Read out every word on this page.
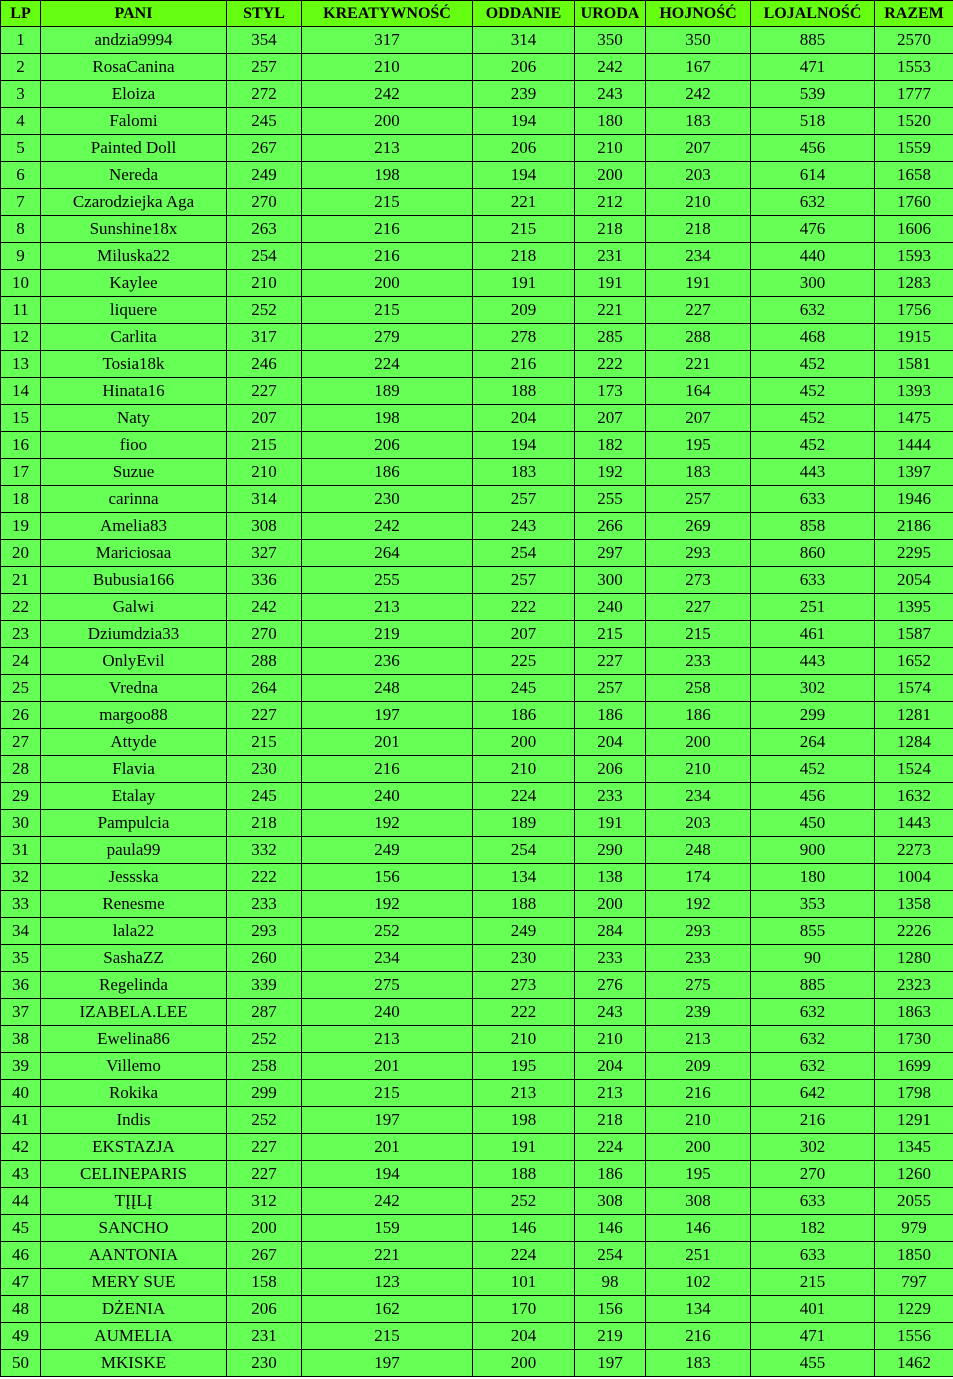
LP	PANI	STYL	KREATYWNOŚĆ	ODDANIE	URODA	HOJNOŚĆ	LOJALNOŚĆ	RAZEM
1	andzia9994	354	317	314	350	350	885	2570
2	RosaCanina	257	210	206	242	167	471	1553
3	Eloiza	272	242	239	243	242	539	1777
4	Falomi	245	200	194	180	183	518	1520
5	Painted Doll	267	213	206	210	207	456	1559
6	Nereda	249	198	194	200	203	614	1658
7	Czarodziejka Aga	270	215	221	212	210	632	1760
8	Sunshine18x	263	216	215	218	218	476	1606
9	Miluska22	254	216	218	231	234	440	1593
10	Kaylee	210	200	191	191	191	300	1283
11	liquere	252	215	209	221	227	632	1756
12	Carlita	317	279	278	285	288	468	1915
13	Tosia18k	246	224	216	222	221	452	1581
14	Hinata16	227	189	188	173	164	452	1393
15	Naty	207	198	204	207	207	452	1475
16	fioo	215	206	194	182	195	452	1444
17	Suzue	210	186	183	192	183	443	1397
18	carinna	314	230	257	255	257	633	1946
19	Amelia83	308	242	243	266	269	858	2186
20	Mariciosaa	327	264	254	297	293	860	2295
21	Bubusia166	336	255	257	300	273	633	2054
22	Galwi	242	213	222	240	227	251	1395
23	Dziumdzia33	270	219	207	215	215	461	1587
24	OnlyEvil	288	236	225	227	233	443	1652
25	Vredna	264	248	245	257	258	302	1574
26	margoo88	227	197	186	186	186	299	1281
27	Attyde	215	201	200	204	200	264	1284
28	Flavia	230	216	210	206	210	452	1524
29	Etalay	245	240	224	233	234	456	1632
30	Pampulcia	218	192	189	191	203	450	1443
31	paula99	332	249	254	290	248	900	2273
32	Jessska	222	156	134	138	174	180	1004
33	Renesme	233	192	188	200	192	353	1358
34	lala22	293	252	249	284	293	855	2226
35	SashaZZ	260	234	230	233	233	90	1280
36	Regelinda	339	275	273	276	275	885	2323
37	IZABELA.LEE	287	240	222	243	239	632	1863
38	Ewelina86	252	213	210	210	213	632	1730
39	Villemo	258	201	195	204	209	632	1699
40	Rokika	299	215	213	213	216	642	1798
41	Indis	252	197	198	218	210	216	1291
42	EKSTAZJA	227	201	191	224	200	302	1345
43	CELINEPARIS	227	194	188	186	195	270	1260
44	TĮĮLĮ	312	242	252	308	308	633	2055
45	SANCHO	200	159	146	146	146	182	979
46	AANTONIA	267	221	224	254	251	633	1850
47	MERY SUE	158	123	101	98	102	215	797
48	DŻENIA	206	162	170	156	134	401	1229
49	AUMELIA	231	215	204	219	216	471	1556
50	MKISKE	230	197	200	197	183	455	1462
